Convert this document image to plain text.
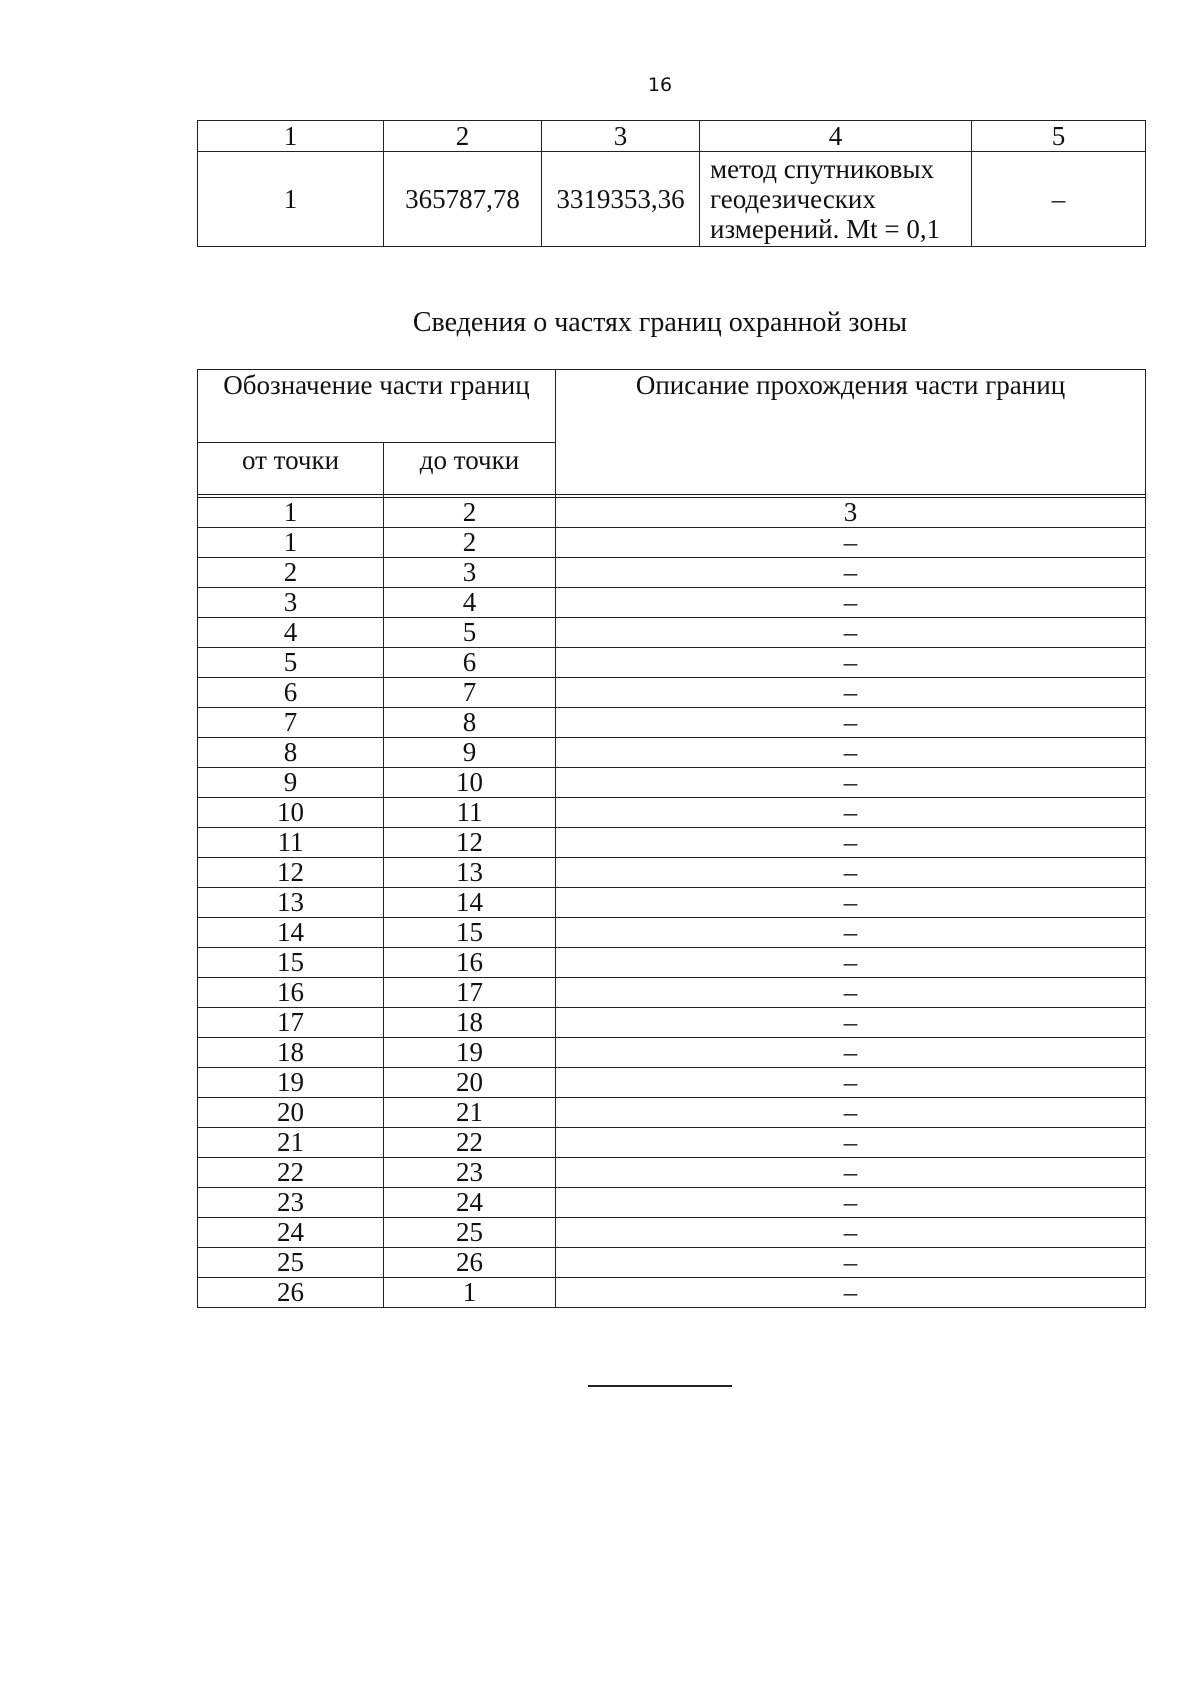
16
1	2	3	4	5
1	365787,78	3319353,36	метод спутниковых
геодезических
измерений. Mt = 0,1	–
Сведения о частях границ охранной зоны
Обозначение части границ		Описание прохождения части границ
от точки	до точки	

1	2	3
1	2	–
2	3	–
3	4	–
4	5	–
5	6	–
6	7	–
7	8	–
8	9	–
9	10	–
10	11	–
11	12	–
12	13	–
13	14	–
14	15	–
15	16	–
16	17	–
17	18	–
18	19	–
19	20	–
20	21	–
21	22	–
22	23	–
23	24	–
24	25	–
25	26	–
26	1	–
